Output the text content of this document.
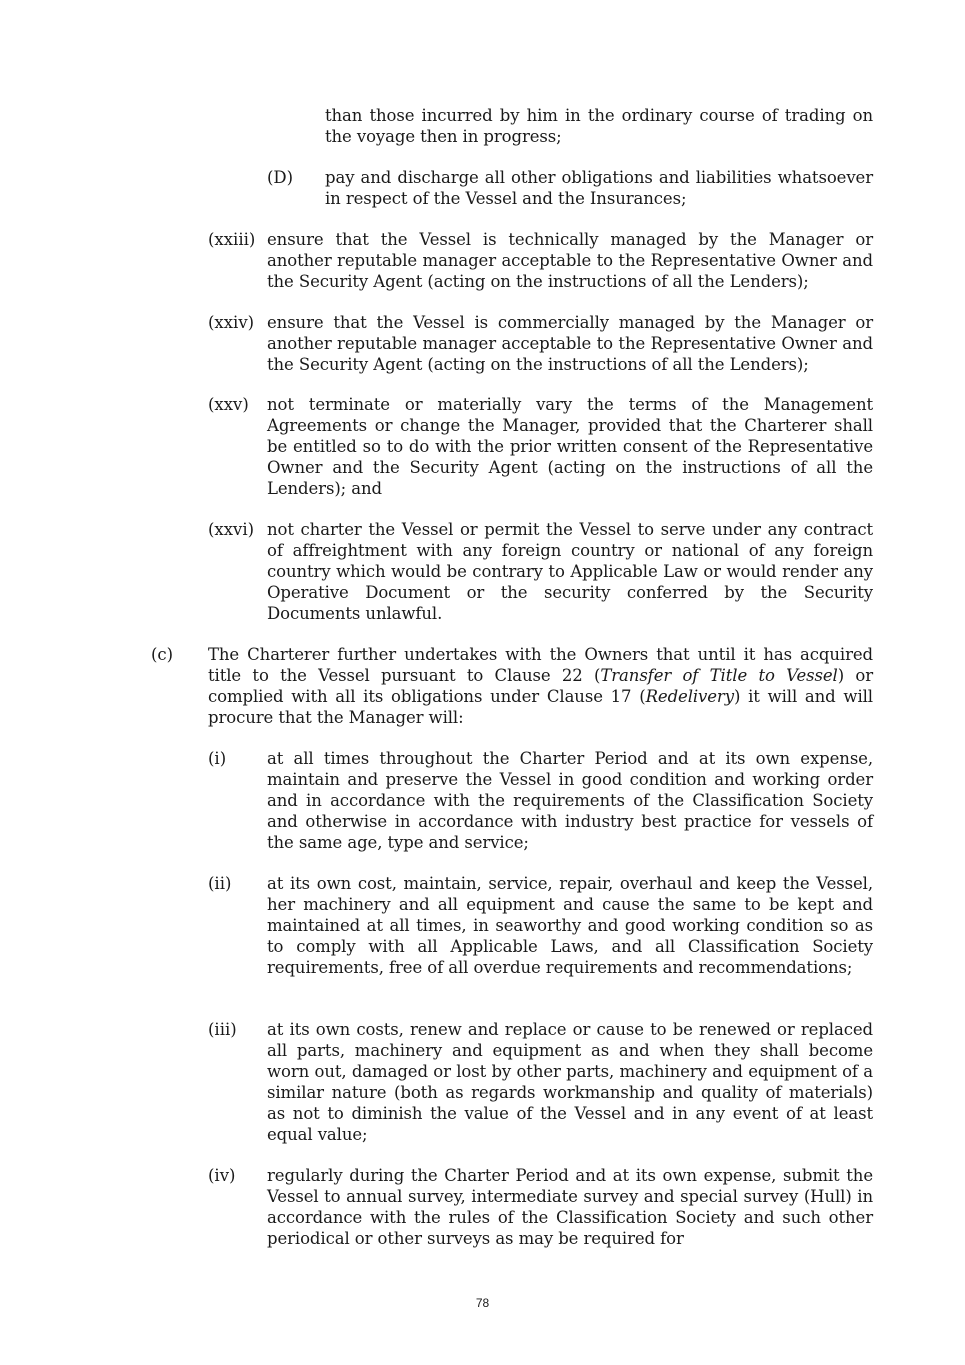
than those incurred by him in the ordinary course of trading on the voyage then in progress;
(D) pay and discharge all other obligations and liabilities whatsoever in respect of the Vessel and the Insurances;
(xxiii) ensure that the Vessel is technically managed by the Manager or another reputable manager acceptable to the Representative Owner and the Security Agent (acting on the instructions of all the Lenders);
(xxiv) ensure that the Vessel is commercially managed by the Manager or another reputable manager acceptable to the Representative Owner and the Security Agent (acting on the instructions of all the Lenders);
(xxv) not terminate or materially vary the terms of the Management Agreements or change the Manager, provided that the Charterer shall be entitled so to do with the prior written consent of the Representative Owner and the Security Agent (acting on the instructions of all the Lenders); and
(xxvi) not charter the Vessel or permit the Vessel to serve under any contract of affreightment with any foreign country or national of any foreign country which would be contrary to Applicable Law or would render any Operative Document or the security conferred by the Security Documents unlawful.
(c) The Charterer further undertakes with the Owners that until it has acquired title to the Vessel pursuant to Clause 22 (Transfer of Title to Vessel) or complied with all its obligations under Clause 17 (Redelivery) it will and will procure that the Manager will:
(i) at all times throughout the Charter Period and at its own expense, maintain and preserve the Vessel in good condition and working order and in accordance with the requirements of the Classification Society and otherwise in accordance with industry best practice for vessels of the same age, type and service;
(ii) at its own cost, maintain, service, repair, overhaul and keep the Vessel, her machinery and all equipment and cause the same to be kept and maintained at all times, in seaworthy and good working condition so as to comply with all Applicable Laws, and all Classification Society requirements, free of all overdue requirements and recommendations;
(iii) at its own costs, renew and replace or cause to be renewed or replaced all parts, machinery and equipment as and when they shall become worn out, damaged or lost by other parts, machinery and equipment of a similar nature (both as regards workmanship and quality of materials) as not to diminish the value of the Vessel and in any event of at least equal value;
(iv) regularly during the Charter Period and at its own expense, submit the Vessel to annual survey, intermediate survey and special survey (Hull) in accordance with the rules of the Classification Society and such other periodical or other surveys as may be required for
78
